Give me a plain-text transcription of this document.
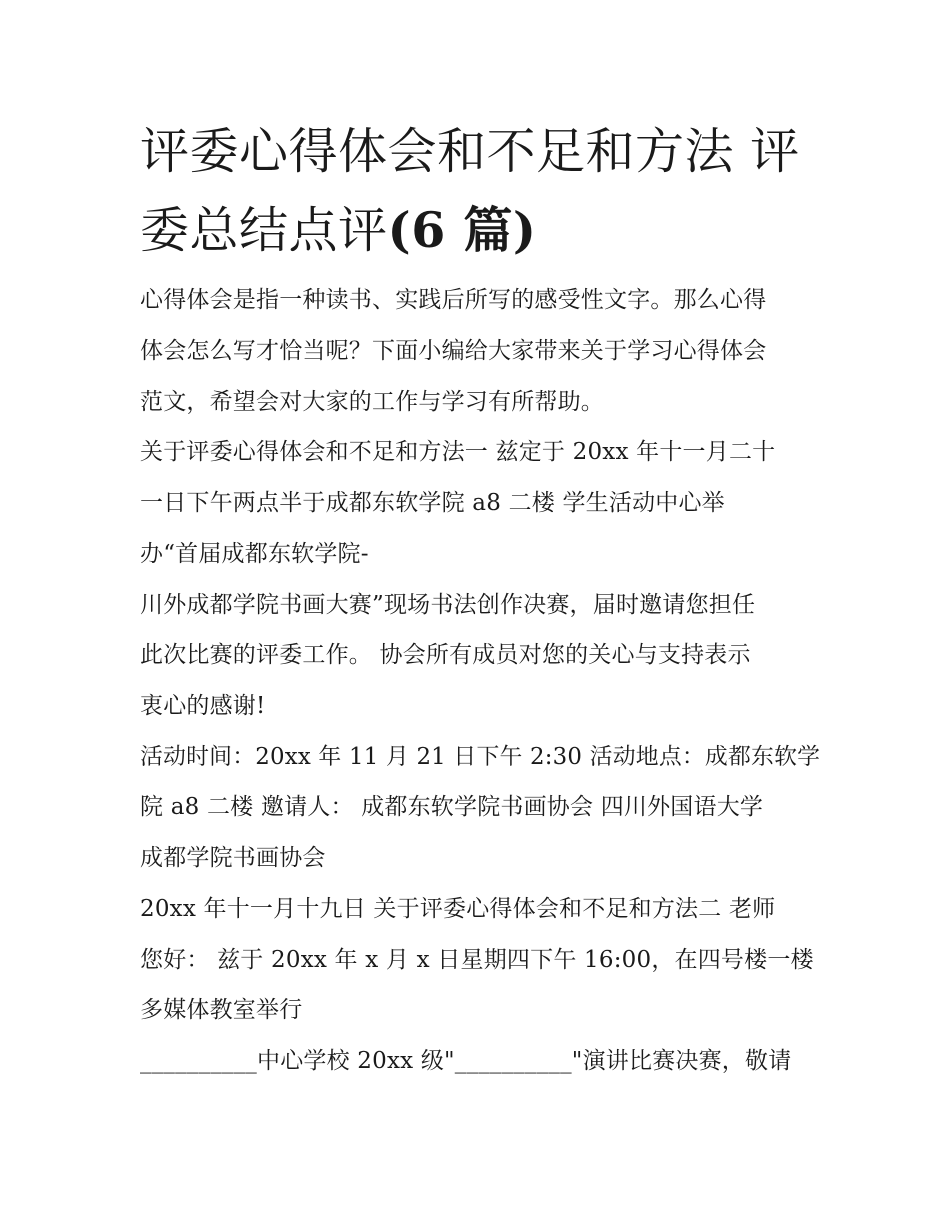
评委心得体会和不足和方法 评
委总结点评(6 篇)
心得体会是指一种读书、实践后所写的感受性文字。那么心得
体会怎么写才恰当呢？下面小编给大家带来关于学习心得体会
范文，希望会对大家的工作与学习有所帮助。
关于评委心得体会和不足和方法一 兹定于 20xx 年十一月二十
一日下午两点半于成都东软学院 a8 二楼 学生活动中心举
办“首届成都东软学院-
川外成都学院书画大赛”现场书法创作决赛，届时邀请您担任
此次比赛的评委工作。 协会所有成员对您的关心与支持表示
衷心的感谢!
活动时间：20xx 年 11 月 21 日下午 2:30 活动地点：成都东软学
院 a8 二楼 邀请人： 成都东软学院书画协会 四川外国语大学
成都学院书画协会
20xx 年十一月十九日 关于评委心得体会和不足和方法二 老师
您好： 兹于 20xx 年 x 月 x 日星期四下午 16:00，在四号楼一楼
多媒体教室举行
__________中心学校 20xx 级"__________"演讲比赛决赛，敬请
